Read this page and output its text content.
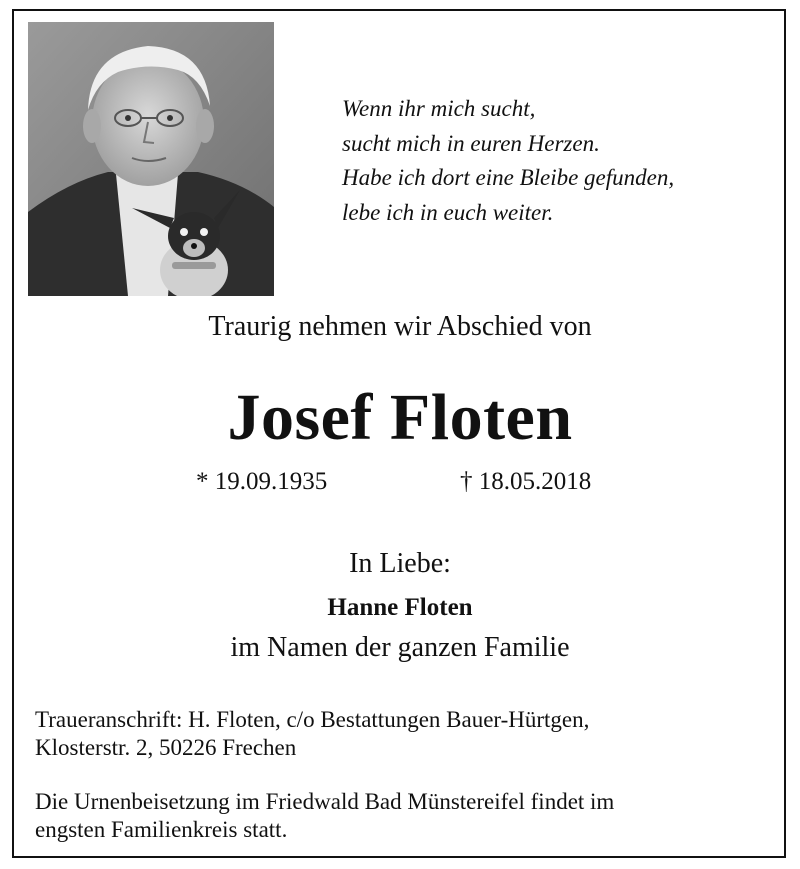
Wenn ihr mich sucht,
sucht mich in euren Herzen.
Habe ich dort eine Bleibe gefunden,
lebe ich in euch weiter.
Traurig nehmen wir Abschied von
Josef Floten
* 19.09.1935	† 18.05.2018
In Liebe:
Hanne Floten
im Namen der ganzen Familie
Traueranschrift: H. Floten, c/o Bestattungen Bauer-Hürtgen,
Klosterstr. 2, 50226 Frechen
Die Urnenbeisetzung im Friedwald Bad Münstereifel findet im
engsten Familienkreis statt.
